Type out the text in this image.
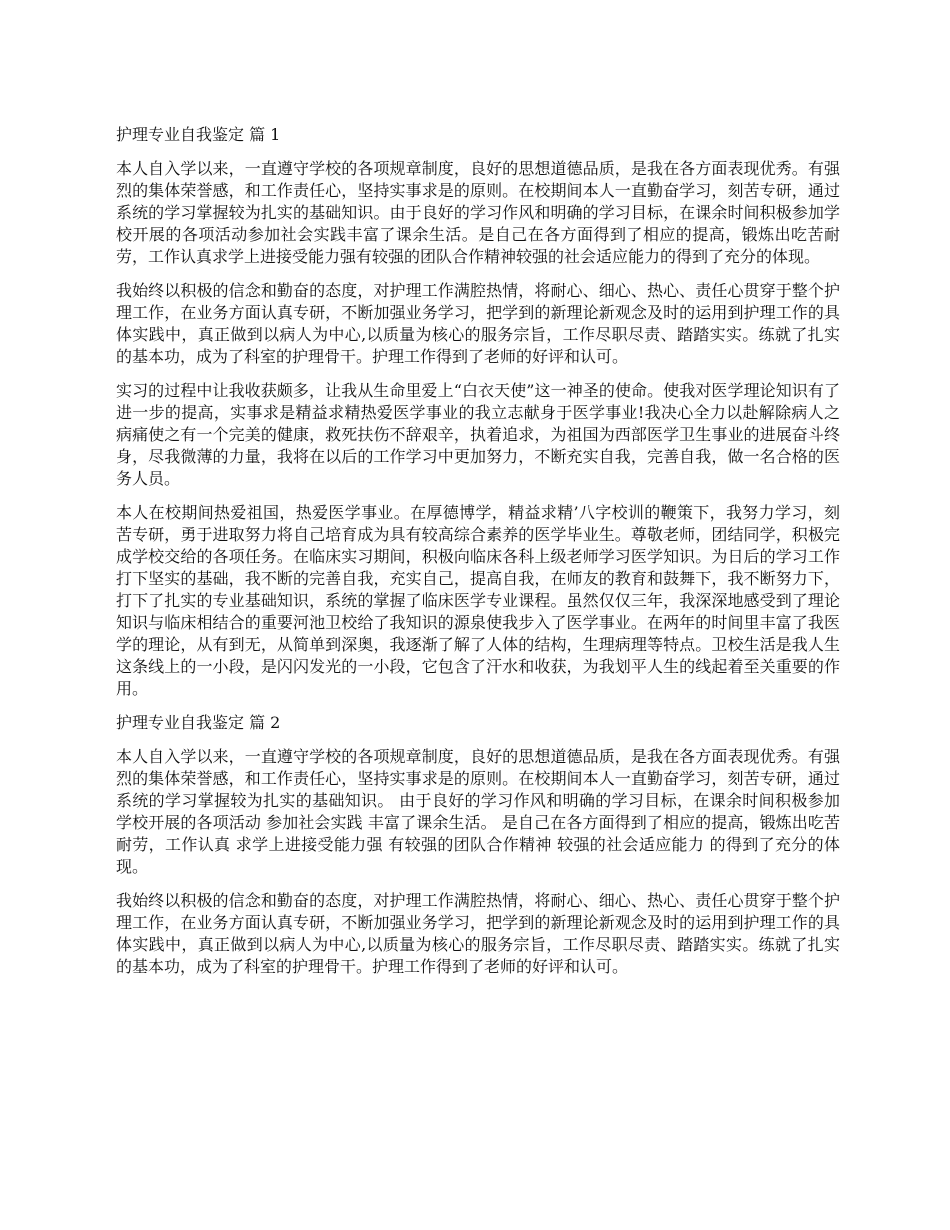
护理专业自我鉴定 篇 1

本人自入学以来，一直遵守学校的各项规章制度，良好的思想道德品质，是我在各方面表现优秀。有强烈的集体荣誉感，和工作责任心，坚持实事求是的原则。在校期间本人一直勤奋学习，刻苦专研，通过系统的学习掌握较为扎实的基础知识。由于良好的学习作风和明确的学习目标，在课余时间积极参加学校开展的各项活动参加社会实践丰富了课余生活。是自己在各方面得到了相应的提高，锻炼出吃苦耐劳，工作认真求学上进接受能力强有较强的团队合作精神较强的社会适应能力的得到了充分的体现。

我始终以积极的信念和勤奋的态度，对护理工作满腔热情，将耐心、细心、热心、责任心贯穿于整个护理工作，在业务方面认真专研，不断加强业务学习，把学到的新理论新观念及时的运用到护理工作的具体实践中，真正做到以病人为中心,以质量为核心的服务宗旨，工作尽职尽责、踏踏实实。练就了扎实的基本功，成为了科室的护理骨干。护理工作得到了老师的好评和认可。

实习的过程中让我收获颇多，让我从生命里爱上“白衣天使”这一神圣的使命。使我对医学理论知识有了进一步的提高，实事求是精益求精热爱医学事业的我立志献身于医学事业!我决心全力以赴解除病人之病痛使之有一个完美的健康，救死扶伤不辞艰辛，执着追求，为祖国为西部医学卫生事业的进展奋斗终身，尽我微薄的力量，我将在以后的工作学习中更加努力，不断充实自我，完善自我，做一名合格的医务人员。

本人在校期间热爱祖国，热爱医学事业。在厚德博学，精益求精’八字校训的鞭策下，我努力学习，刻苦专研，勇于进取努力将自己培育成为具有较高综合素养的医学毕业生。尊敬老师，团结同学，积极完成学校交给的各项任务。在临床实习期间，积极向临床各科上级老师学习医学知识。为日后的学习工作打下坚实的基础，我不断的完善自我，充实自己，提高自我，在师友的教育和鼓舞下，我不断努力下，打下了扎实的专业基础知识，系统的掌握了临床医学专业课程。虽然仅仅三年，我深深地感受到了理论知识与临床相结合的重要河池卫校给了我知识的源泉使我步入了医学事业。在两年的时间里丰富了我医学的理论，从有到无，从简单到深奥，我逐渐了解了人体的结构，生理病理等特点。卫校生活是我人生这条线上的一小段，是闪闪发光的一小段，它包含了汗水和收获，为我划平人生的线起着至关重要的作用。

护理专业自我鉴定 篇 2

本人自入学以来，一直遵守学校的各项规章制度，良好的思想道德品质，是我在各方面表现优秀。有强烈的集体荣誉感，和工作责任心，坚持实事求是的原则。在校期间本人一直勤奋学习，刻苦专研，通过系统的学习掌握较为扎实的基础知识。 由于良好的学习作风和明确的学习目标，在课余时间积极参加学校开展的各项活动 参加社会实践 丰富了课余生活。 是自己在各方面得到了相应的提高，锻炼出吃苦耐劳，工作认真 求学上进接受能力强 有较强的团队合作精神 较强的社会适应能力 的得到了充分的体现。

我始终以积极的信念和勤奋的态度，对护理工作满腔热情，将耐心、细心、热心、责任心贯穿于整个护理工作，在业务方面认真专研，不断加强业务学习，把学到的新理论新观念及时的运用到护理工作的具体实践中，真正做到以病人为中心,以质量为核心的服务宗旨，工作尽职尽责、踏踏实实。练就了扎实的基本功，成为了科室的护理骨干。护理工作得到了老师的好评和认可。
